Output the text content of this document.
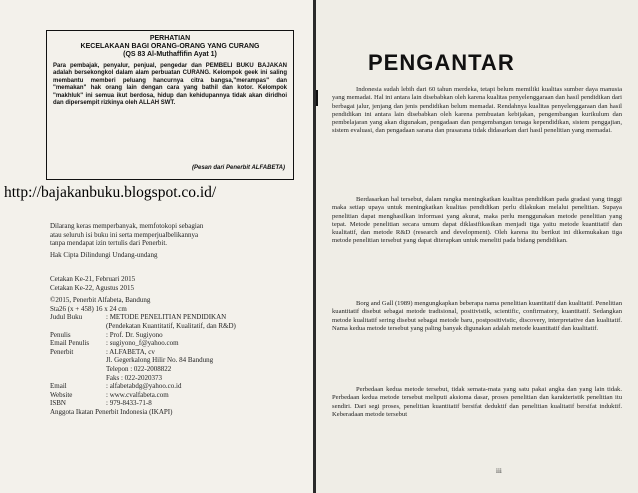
PERHATIAN
KECELAKAAN BAGI ORANG-ORANG YANG CURANG
(QS 83 Al-Muthaffifin Ayat 1)
Para pembajak, penyalur, penjual, pengedar dan PEMBELI BUKU BAJAKAN adalah bersekongkol dalam alam perbuatan CURANG. Kelompok geek ini saling membantu memberi peluang hancurnya citra bangsa,"merampas" dan "memakan" hak orang lain dengan cara yang bathil dan kotor. Kelompok "makhluk" ini semua ikut berdosa, hidup dan kehidupannya tidak akan diridhoi dan dipersempit rizkinya oleh ALLAH SWT.
(Pesan dari Penerbit ALFABETA)
Dilarang keras memperbanyak, memfotokopi sebagian
atau seluruh isi buku ini serta memperjualbelikannya
tanpa mendapat izin tertulis dari Penerbit.
Hak Cipta Dilindungi Undang-undang
Cetakan Ke-21, Februari 2015
Cetakan Ke-22, Agustus 2015
©2015, Penerbit Alfabeta, Bandung
Sta26 (x + 458) 16 x 24 cm
Judul Buku	: METODE PENELITIAN PENDIDIKAN
(Pendekatan Kuantitatif, Kualitatif, dan R&D)
Penulis	: Prof. Dr. Sugiyono
Email Penulis : sugiyono_f@yahoo.com
Penerbit	: ALFABETA, cv
Jl. Gegerkalong Hilir No. 84 Bandung
Telepon : 022-2008822
Faks : 022-2020373
Email	: alfabetabdg@yahoo.co.id
Website	: www.cvalfabeta.com
ISBN	: 979-8433-71-8
Anggota Ikatan Penerbit Indonesia (IKAPI)
http://bajakanbuku.blogspot.co.id/
PENGANTAR
Indonesia sudah lebih dari 60 tahun merdeka, tetapi belum memiliki kualitas sumber daya manusia yang memadai. Hal ini antara lain disebabkan oleh karena kualitas penyelenggaraan dan hasil pendidikan dari berbagai jalur, jenjang dan jenis pendidikan belum memadai. Rendahnya kualitas penyelenggaraan dan hasil pendidikan ini antara lain disebabkan oleh karena pembuatan kebijakan, pengembangan kurikulum dan pembelajaran yang akan digunakan, pengadaan dan pengembangan tenaga kependidikan, sistem penggajian, sistem evaluasi, dan pengadaan sarana dan prasarana tidak didasarkan dari hasil penelitian yang memadai.
Berdasarkan hal tersebut, dalam rangka meningkatkan kualitas pendidikan pada gradasi yang tinggi maka setiap upaya untuk meningkatkan kualitas pendidikan perlu dilakukan melalui penelitian. Supaya penelitian dapat menghasilkan informasi yang akurat, maka perlu menggunakan metode penelitian yang tepat. Metode penelitian secara umum dapat diklasifikasikan menjadi tiga yaitu metode kuantitatif dan kualitatif, dan metode R&D (research and development). Oleh karena itu berikut ini dikemukakan tiga metode penelitian tersebut yang dapat diterapkan untuk meneliti pada bidang pendidikan.
Borg and Gall (1989) mengungkapkan beberapa nama penelitian kuantitatif dan kualitatif. Penelitian kuantitatif disebut sebagai metode tradisional, positivistik, scientific, confirmatory, kuantitatif. Sedangkan metode kualitatif sering disebut sebagai metode baru, postpositivistic, discovery, interpretative dan kualitatif. Nama kedua metode tersebut yang paling banyak digunakan adalah metode kuantitatif dan kualitatif.
Perbedaan kedua metode tersebut, tidak semata-mata yang satu pakai angka dan yang lain tidak. Perbedaan kedua metode tersebut meliputi aksioma dasar, proses penelitian dan karakteristik penelitian itu sendiri. Dari segi proses, penelitian kuantitatif bersifat deduktif dan penelitian kualitatif bersifat induktif. Keberadaan metode tersebut
iii
